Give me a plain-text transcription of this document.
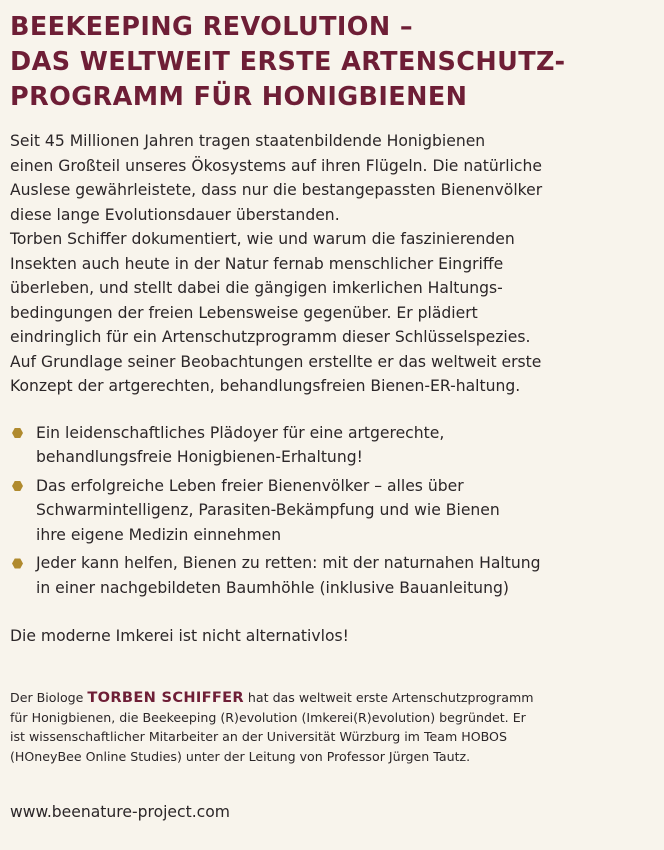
BEEKEEPING REVOLUTION –
DAS WELTWEIT ERSTE ARTENSCHUTZ-
PROGRAMM FÜR HONIGBIENEN

Seit 45 Millionen Jahren tragen staatenbildende Honigbienen

einen Großteil unseres Ökosystems auf ihren Flügeln. Die natürliche

Auslese gewährleistete, dass nur die bestangepassten Bienenvölker

diese lange Evolutionsdauer überstanden.

Torben Schiffer dokumentiert, wie und warum die faszinierenden

Insekten auch heute in der Natur fernab menschlicher Eingriffe

überleben, und stellt dabei die gängigen imkerlichen Haltungs-

bedingungen der freien Lebensweise gegenüber. Er plädiert

eindringlich für ein Artenschutzprogramm dieser Schlüsselspezies.

Auf Grundlage seiner Beobachtungen erstellte er das weltweit erste

Konzept der artgerechten, behandlungsfreien Bienen-ER-haltung.

Ein leidenschaftliches Plädoyer für eine artgerechte,
behandlungsfreie Honigbienen-Erhaltung!
Das erfolgreiche Leben freier Bienenvölker – alles über
Schwarmintelligenz, Parasiten-Bekämpfung und wie Bienen
ihre eigene Medizin einnehmen
Jeder kann helfen, Bienen zu retten: mit der naturnahen Haltung
in einer nachgebildeten Baumhöhle (inklusive Bauanleitung)

Die moderne Imkerei ist nicht alternativlos!

Der Biologe TORBEN SCHIFFER hat das weltweit erste Artenschutzprogramm
für Honigbienen, die Beekeeping (R)evolution (Imkerei(R)evolution) begründet. Er
ist wissenschaftlicher Mitarbeiter an der Universität Würzburg im Team HOBOS
(HOneyBee Online Studies) unter der Leitung von Professor Jürgen Tautz.

www.beenature-project.com
